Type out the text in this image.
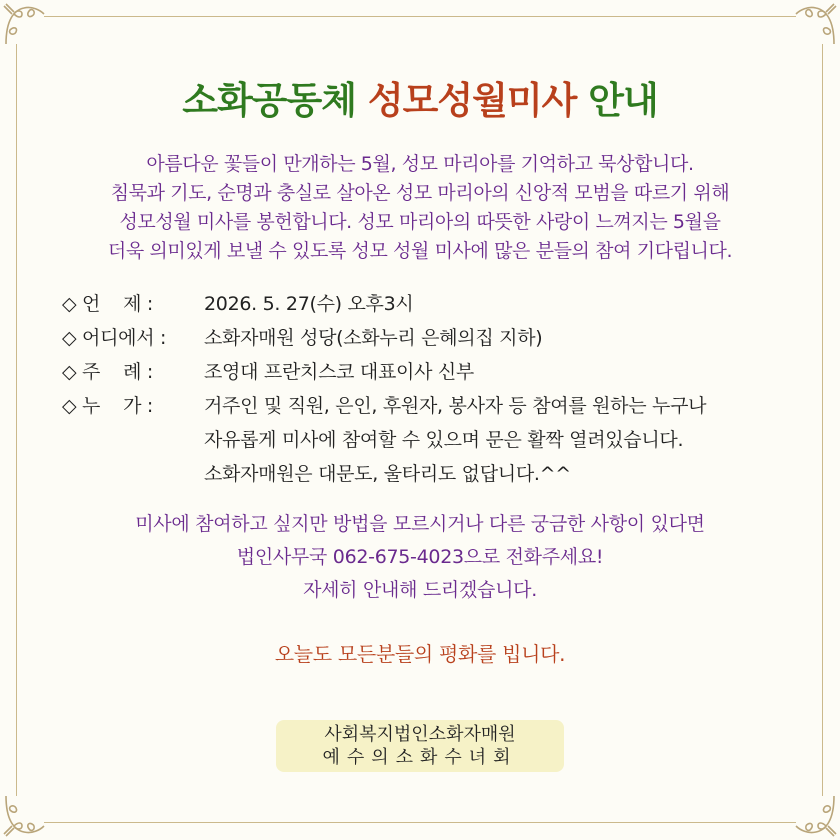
소화공동체 성모성월미사 안내
아름다운 꽃들이 만개하는 5월, 성모 마리아를 기억하고 묵상합니다.
침묵과 기도, 순명과 충실로 살아온 성모 마리아의 신앙적 모범을 따르기 위해
성모성월 미사를 봉헌합니다. 성모 마리아의 따뜻한 사랑이 느껴지는 5월을
더욱 의미있게 보낼 수 있도록 성모 성월 미사에 많은 분들의 참여 기다립니다.
◇ 언    제 :	2026. 5. 27(수) 오후3시
◇ 어디에서 : 소화자매원 성당(소화누리 은혜의집 지하)
◇ 주    례 :	조영대 프란치스코 대표이사 신부
◇ 누    가 :	거주인 및 직원, 은인, 후원자, 봉사자 등 참여를 원하는 누구나
자유롭게 미사에 참여할 수 있으며 문은 활짝 열려있습니다.
소화자매원은 대문도, 울타리도 없답니다.^^
미사에 참여하고 싶지만 방법을 모르시거나 다른 궁금한 사항이 있다면
법인사무국 062-675-4023으로 전화주세요!
자세히 안내해 드리겠습니다.
오늘도 모든분들의 평화를 빕니다.
사회복지법인소화자매원
예수의소화수녀회
